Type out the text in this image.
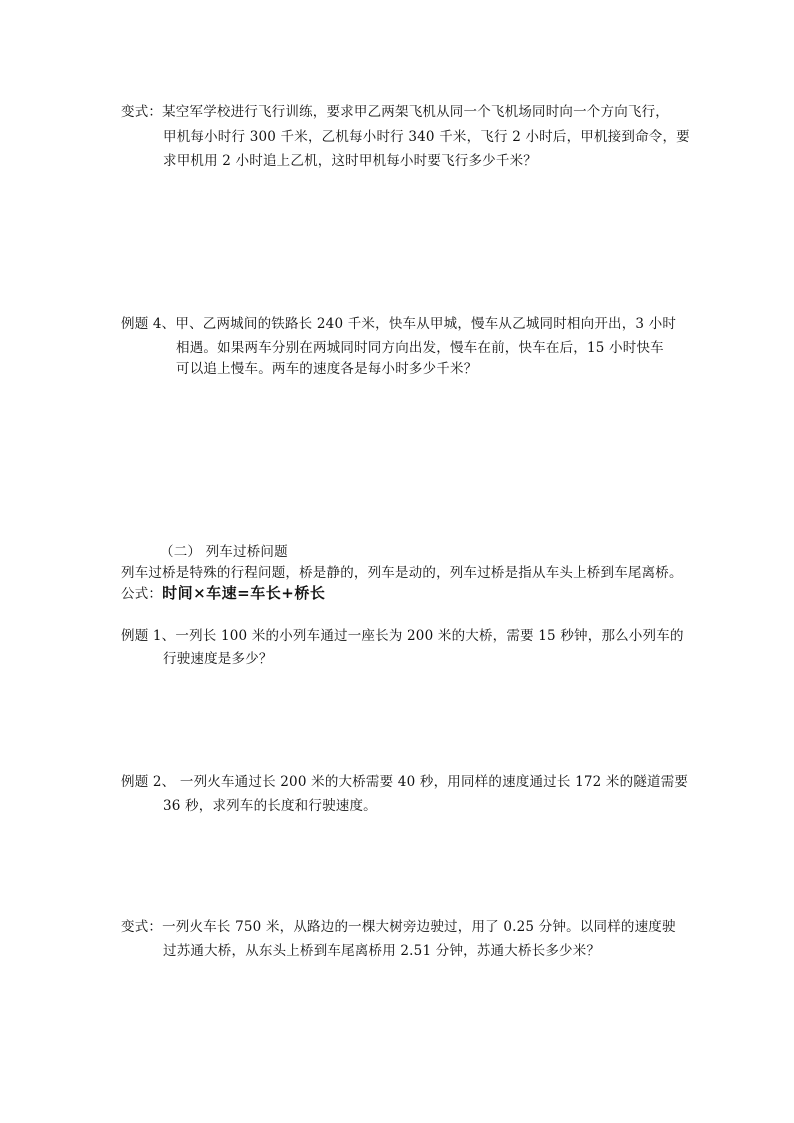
变式：某空军学校进行飞行训练，要求甲乙两架飞机从同一个飞机场同时向一个方向飞行，
甲机每小时行 300 千米，乙机每小时行 340 千米，飞行 2 小时后，甲机接到命令，要
求甲机用 2 小时追上乙机，这时甲机每小时要飞行多少千米？
例题 4、甲、乙两城间的铁路长 240 千米，快车从甲城，慢车从乙城同时相向开出，3 小时
相遇。如果两车分别在两城同时同方向出发，慢车在前，快车在后，15 小时快车
可以追上慢车。两车的速度各是每小时多少千米？
（二） 列车过桥问题
列车过桥是特殊的行程问题，桥是静的，列车是动的，列车过桥是指从车头上桥到车尾离桥。
公式：时间×车速=车长+桥长
例题 1、一列长 100 米的小列车通过一座长为 200 米的大桥，需要 15 秒钟，那么小列车的
行驶速度是多少？
例题 2、 一列火车通过长 200 米的大桥需要 40 秒，用同样的速度通过长 172 米的隧道需要
36 秒，求列车的长度和行驶速度。
变式：一列火车长 750 米，从路边的一棵大树旁边驶过，用了 0.25 分钟。以同样的速度驶
过苏通大桥，从东头上桥到车尾离桥用 2.51 分钟，苏通大桥长多少米？
